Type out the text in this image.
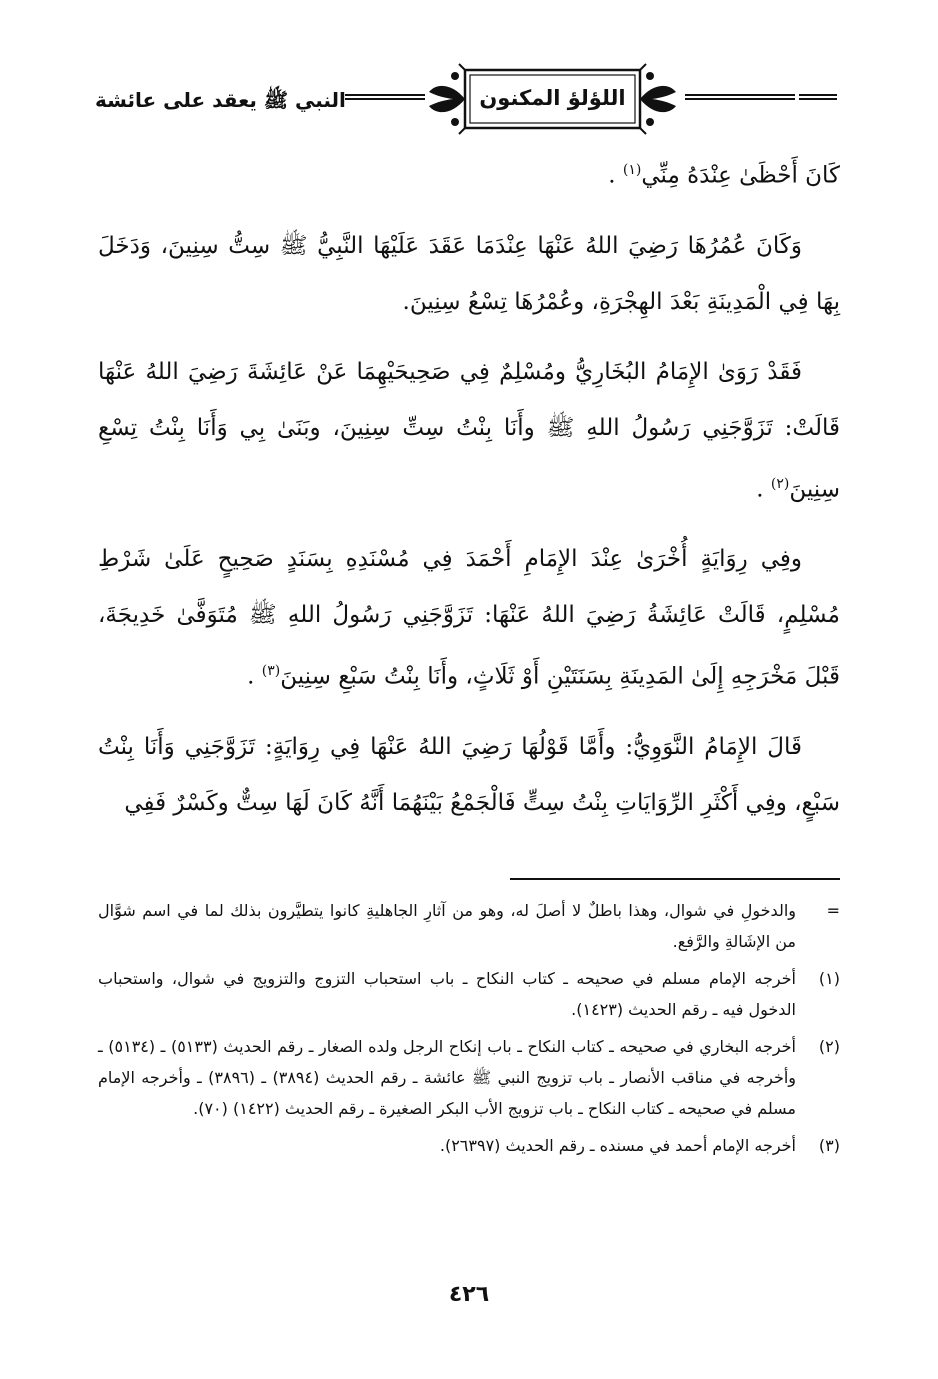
النبي ﷺ يعقد على عائشة	اللؤلؤ المكنون

كَانَ أَحْظَىٰ عِنْدَهُ مِنِّي$^{(١)}$ .

وَكَانَ عُمُرُهَا رَضِيَ اللهُ عَنْهَا عِنْدَمَا عَقَدَ عَلَيْهَا النَّبِيُّ ﷺ سِتُّ سِنِينَ، وَدَخَلَ بِهَا فِي الْمَدِينَةِ بَعْدَ الهِجْرَةِ، وعُمْرُهَا تِسْعُ سِنِينَ.

فَقَدْ رَوَىٰ الإِمَامُ البُخَارِيُّ ومُسْلِمٌ فِي صَحِيحَيْهِمَا عَنْ عَائِشَةَ رَضِيَ اللهُ عَنْهَا قَالَتْ: تَزَوَّجَنِي رَسُولُ اللهِ ﷺ وأَنَا بِنْتُ سِتِّ سِنِينَ، وبَنَىٰ بِي وَأَنَا بِنْتُ تِسْعِ سِنِينَ$^{(٢)}$ .

وفِي رِوَايَةٍ أُخْرَىٰ عِنْدَ الإِمَامِ أَحْمَدَ فِي مُسْنَدِهِ بِسَنَدٍ صَحِيحٍ عَلَىٰ شَرْطِ مُسْلِمٍ، قَالَتْ عَائِشَةُ رَضِيَ اللهُ عَنْهَا: تَزَوَّجَنِي رَسُولُ اللهِ ﷺ مُتَوَفَّىٰ خَدِيجَةَ، قَبْلَ مَخْرَجِهِ إِلَىٰ المَدِينَةِ بِسَنَتَيْنِ أَوْ ثَلَاثٍ، وأَنَا بِنْتُ سَبْعِ سِنِينَ$^{(٣)}$ .

قَالَ الإِمَامُ النَّوَوِيُّ: وأَمَّا قَوْلُهَا رَضِيَ اللهُ عَنْهَا فِي رِوَايَةٍ: تَزَوَّجَنِي وَأَنَا بِنْتُ سَبْعٍ، وفِي أَكْثَرِ الرِّوَايَاتِ بِنْتُ سِتٍّ فَالْجَمْعُ بَيْنَهُمَا أَنَّهُ كَانَ لَهَا سِتٌّ وكَسْرٌ فَفِي

=
والدخولِ في شوال، وهذا باطلٌ لا أصلَ له، وهو من آثارِ الجاهليةِ كانوا يتطيَّرون بذلك لما في اسم شوَّال من الإشَالةِ والرَّفع.
(١)
أخرجه الإمام مسلم في صحيحه ـ كتاب النكاح ـ باب استحباب التزوج والتزويج في شوال، واستحباب الدخول فيه ـ رقم الحديث (١٤٢٣).
(٢)
أخرجه البخاري في صحيحه ـ كتاب النكاح ـ باب إنكاح الرجل ولده الصغار ـ رقم الحديث (٥١٣٣) ـ (٥١٣٤) ـ وأخرجه في مناقب الأنصار ـ باب تزويج النبي ﷺ عائشة ـ رقم الحديث (٣٨٩٤) ـ (٣٨٩٦) ـ وأخرجه الإمام مسلم في صحيحه ـ كتاب النكاح ـ باب تزويج الأب البكر الصغيرة ـ رقم الحديث (١٤٢٢) (٧٠).
(٣)
أخرجه الإمام أحمد في مسنده ـ رقم الحديث (٢٦٣٩٧).
٤٢٦
